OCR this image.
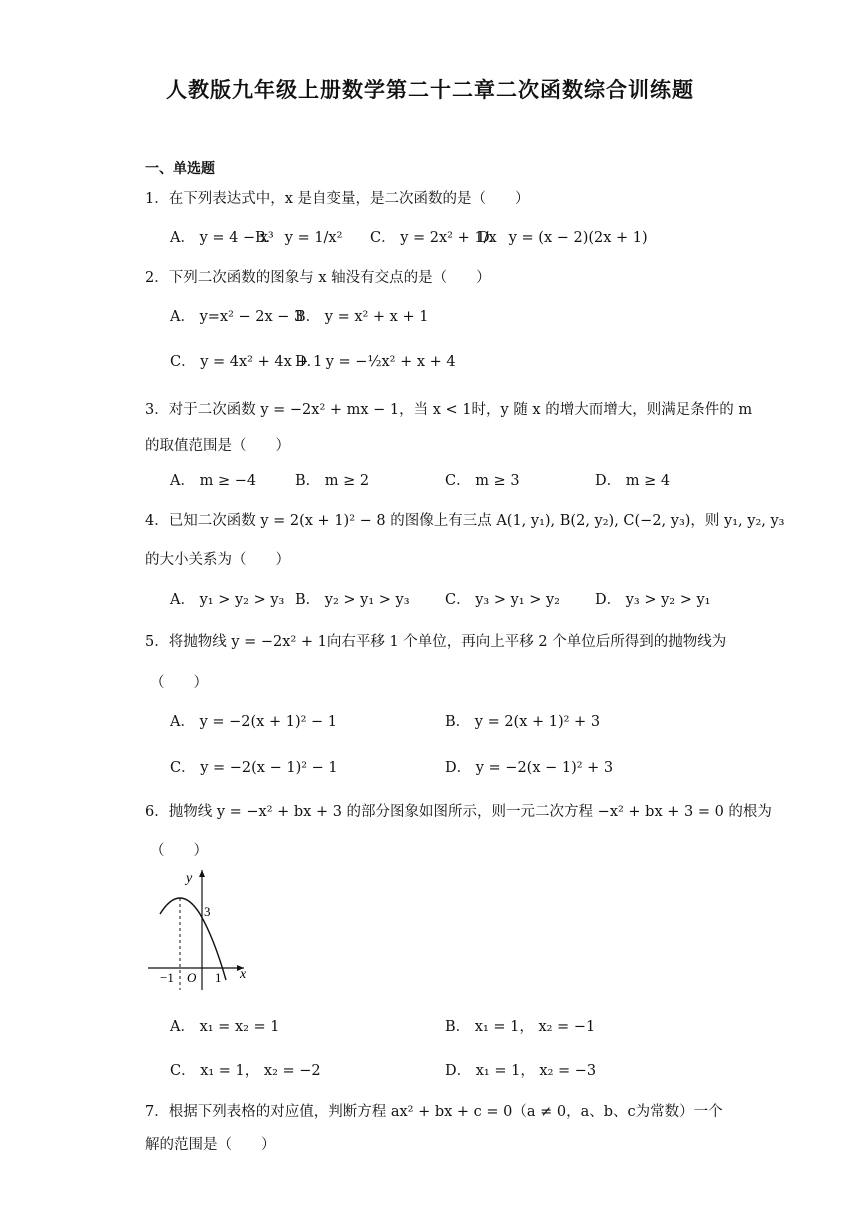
人教版九年级上册数学第二十二章二次函数综合训练题
一、单选题
1．在下列表达式中，x 是自变量，是二次函数的是（　　）
A． y = 4 − x³
B． y = 1/x² C． y = 2x² + 1/x
D． y = (x − 2)(2x + 1)
2．下列二次函数的图象与 x 轴没有交点的是（　　）
A． y=x² − 2x − 3
B． y = x² + x + 1
C． y = 4x² + 4x + 1
D． y = −½x² + x + 4
3．对于二次函数 y = −2x² + mx − 1，当 x < 1时，y 随 x 的增大而增大，则满足条件的 m
的取值范围是（　　）
A． m ≥ −4	B． m ≥ 2	C． m ≥ 3	D． m ≥ 4
4．已知二次函数 y = 2(x + 1)² − 8 的图像上有三点 A(1, y₁), B(2, y₂), C(−2, y₃)，则 y₁, y₂, y₃
的大小关系为（　　）
A． y₁ > y₂ > y₃ B． y₂ > y₁ > y₃ C． y₃ > y₁ > y₂ D． y₃ > y₂ > y₁
5．将抛物线 y = −2x² + 1向右平移 1 个单位，再向上平移 2 个单位后所得到的抛物线为
（　　）
A． y = −2(x + 1)² − 1	B． y = 2(x + 1)² + 3
C． y = −2(x − 1)² − 1	D． y = −2(x − 1)² + 3
6．抛物线 y = −x² + bx + 3 的部分图象如图所示，则一元二次方程 −x² + bx + 3 = 0 的根为
（　　）
y
x
O
−1	1
3
A． x₁ = x₂ = 1	B． x₁ = 1， x₂ = −1
C． x₁ = 1， x₂ = −2	D． x₁ = 1， x₂ = −3
7．根据下列表格的对应值，判断方程 ax² + bx + c = 0（a ≠ 0，a、b、c为常数）一个
解的范围是（　　）
